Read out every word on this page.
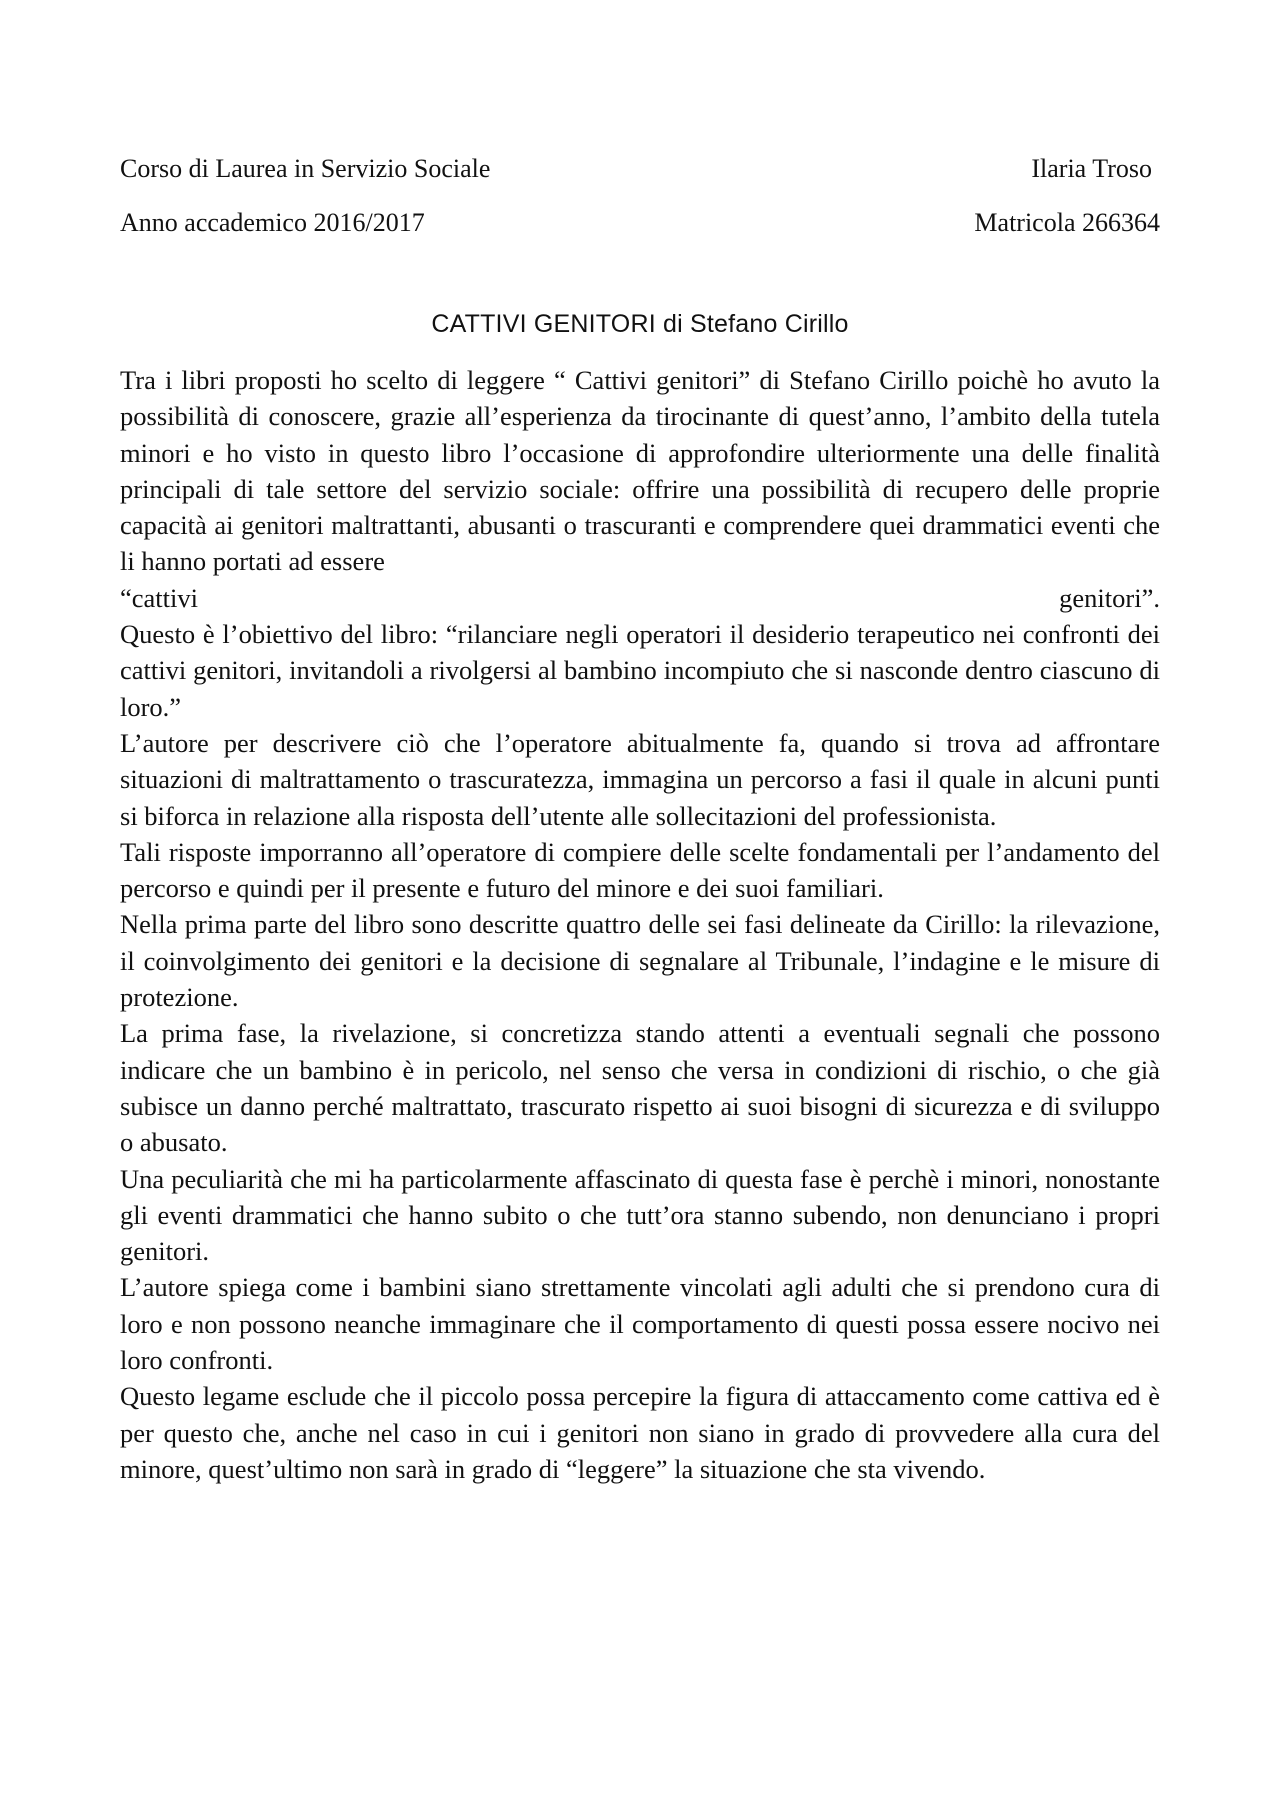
Corso di Laurea in Servizio Sociale	Ilaria Troso
Anno accademico 2016/2017	Matricola 266364
CATTIVI GENITORI di Stefano Cirillo

Tra i libri proposti ho scelto di leggere “ Cattivi genitori” di Stefano Cirillo poichè ho avuto la possibilità di conoscere, grazie all’esperienza da tirocinante di quest’anno, l’ambito della tutela minori e ho visto in questo libro l’occasione di approfondire ulteriormente una delle finalità principali di tale settore del servizio sociale: offrire una possibilità di recupero delle proprie capacità ai genitori maltrattanti, abusanti o trascuranti e comprendere quei drammatici eventi che li hanno portati ad essere

“cattivi genitori”.

Questo è l’obiettivo del libro: “rilanciare negli operatori il desiderio terapeutico nei confronti dei cattivi genitori, invitandoli a rivolgersi al bambino incompiuto che si nasconde dentro ciascuno di loro.”

L’autore per descrivere ciò che l’operatore abitualmente fa, quando si trova ad affrontare situazioni di maltrattamento o trascuratezza, immagina un percorso a fasi il quale in alcuni punti si biforca in relazione alla risposta dell’utente alle sollecitazioni del professionista.

Tali risposte imporranno all’operatore di compiere delle scelte fondamentali per l’andamento del percorso e quindi per il presente e futuro del minore e dei suoi familiari.

Nella prima parte del libro sono descritte quattro delle sei fasi delineate da Cirillo: la rilevazione, il coinvolgimento dei genitori e la decisione di segnalare al Tribunale, l’indagine e le misure di protezione.

La prima fase, la rivelazione, si concretizza stando attenti a eventuali segnali che possono indicare che un bambino è in pericolo, nel senso che versa in condizioni di rischio, o che già subisce un danno perché maltrattato, trascurato rispetto ai suoi bisogni di sicurezza e di sviluppo o abusato.

Una peculiarità che mi ha particolarmente affascinato di questa fase è perchè i minori, nonostante gli eventi drammatici che hanno subito o che tutt’ora stanno subendo, non denunciano i propri genitori.

L’autore spiega come i bambini siano strettamente vincolati agli adulti che si prendono cura di loro e non possono neanche immaginare che il comportamento di questi possa essere nocivo nei loro confronti.

Questo legame esclude che il piccolo possa percepire la figura di attaccamento come cattiva ed è per questo che, anche nel caso in cui i genitori non siano in grado di provvedere alla cura del minore, quest’ultimo non sarà in grado di “leggere” la situazione che sta vivendo.
